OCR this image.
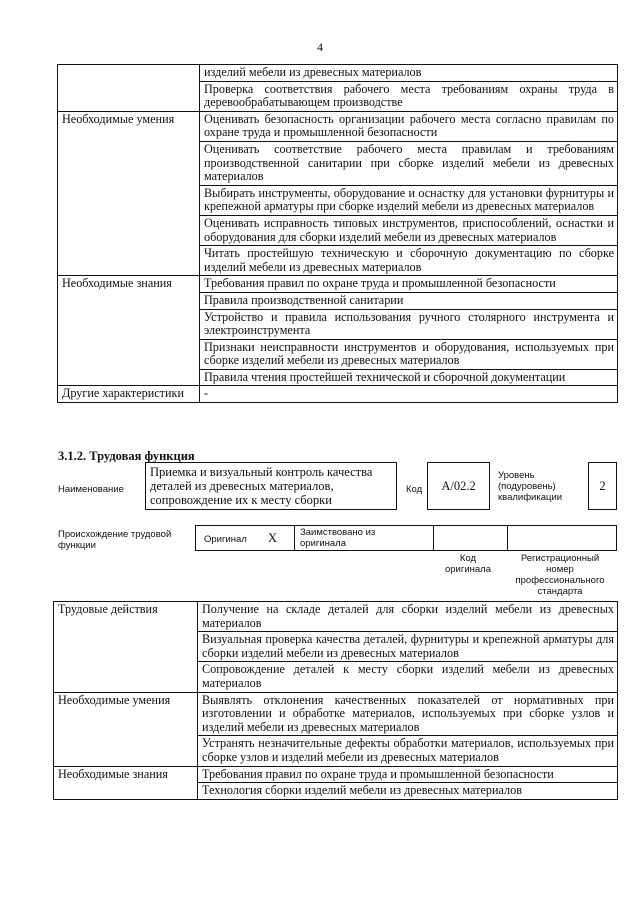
4
	изделий мебели из древесных материалов
	Проверка соответствия рабочего места требованиям охраны труда в деревообрабатывающем производстве
Необходимые умения	Оценивать безопасность организации рабочего места согласно правилам по охране труда и промышленной безопасности
	Оценивать соответствие рабочего места правилам и требованиям производственной санитарии при сборке изделий мебели из древесных материалов
	Выбирать инструменты, оборудование и оснастку для установки фурнитуры и крепежной арматуры при сборке изделий мебели из древесных материалов
	Оценивать исправность типовых инструментов, приспособлений, оснастки и оборудования для сборки изделий мебели из древесных материалов
	Читать простейшую техническую и сборочную документацию по сборке изделий мебели из древесных материалов
Необходимые знания	Требования правил по охране труда и промышленной безопасности
	Правила производственной санитарии
	Устройство и правила использования ручного столярного инструмента и электроинструмента
	Признаки неисправности инструментов и оборудования, используемых при сборке изделий мебели из древесных материалов
	Правила чтения простейшей технической и сборочной документации
Другие характеристики	-
3.1.2. Трудовая функция
Наименование
Приемка и визуальный контроль качества деталей из древесных материалов, сопровождение их к месту сборки
Код	А/02.2
Уровень (подуровень) квалификации
2
Происхождение трудовой функции
Оригинал X Заимствовано из оригинала
Код оригинала
Регистрационный номер профессионального стандарта
Трудовые действия	Получение на складе деталей для сборки изделий мебели из древесных материалов
	Визуальная проверка качества деталей, фурнитуры и крепежной арматуры для сборки изделий мебели из древесных материалов
	Сопровождение деталей к месту сборки изделий мебели из древесных материалов
Необходимые умения	Выявлять отклонения качественных показателей от нормативных при изготовлении и обработке материалов, используемых при сборке узлов и изделий мебели из древесных материалов
	Устранять незначительные дефекты обработки материалов, используемых при сборке узлов и изделий мебели из древесных материалов
Необходимые знания	Требования правил по охране труда и промышленной безопасности
	Технология сборки изделий мебели из древесных материалов
